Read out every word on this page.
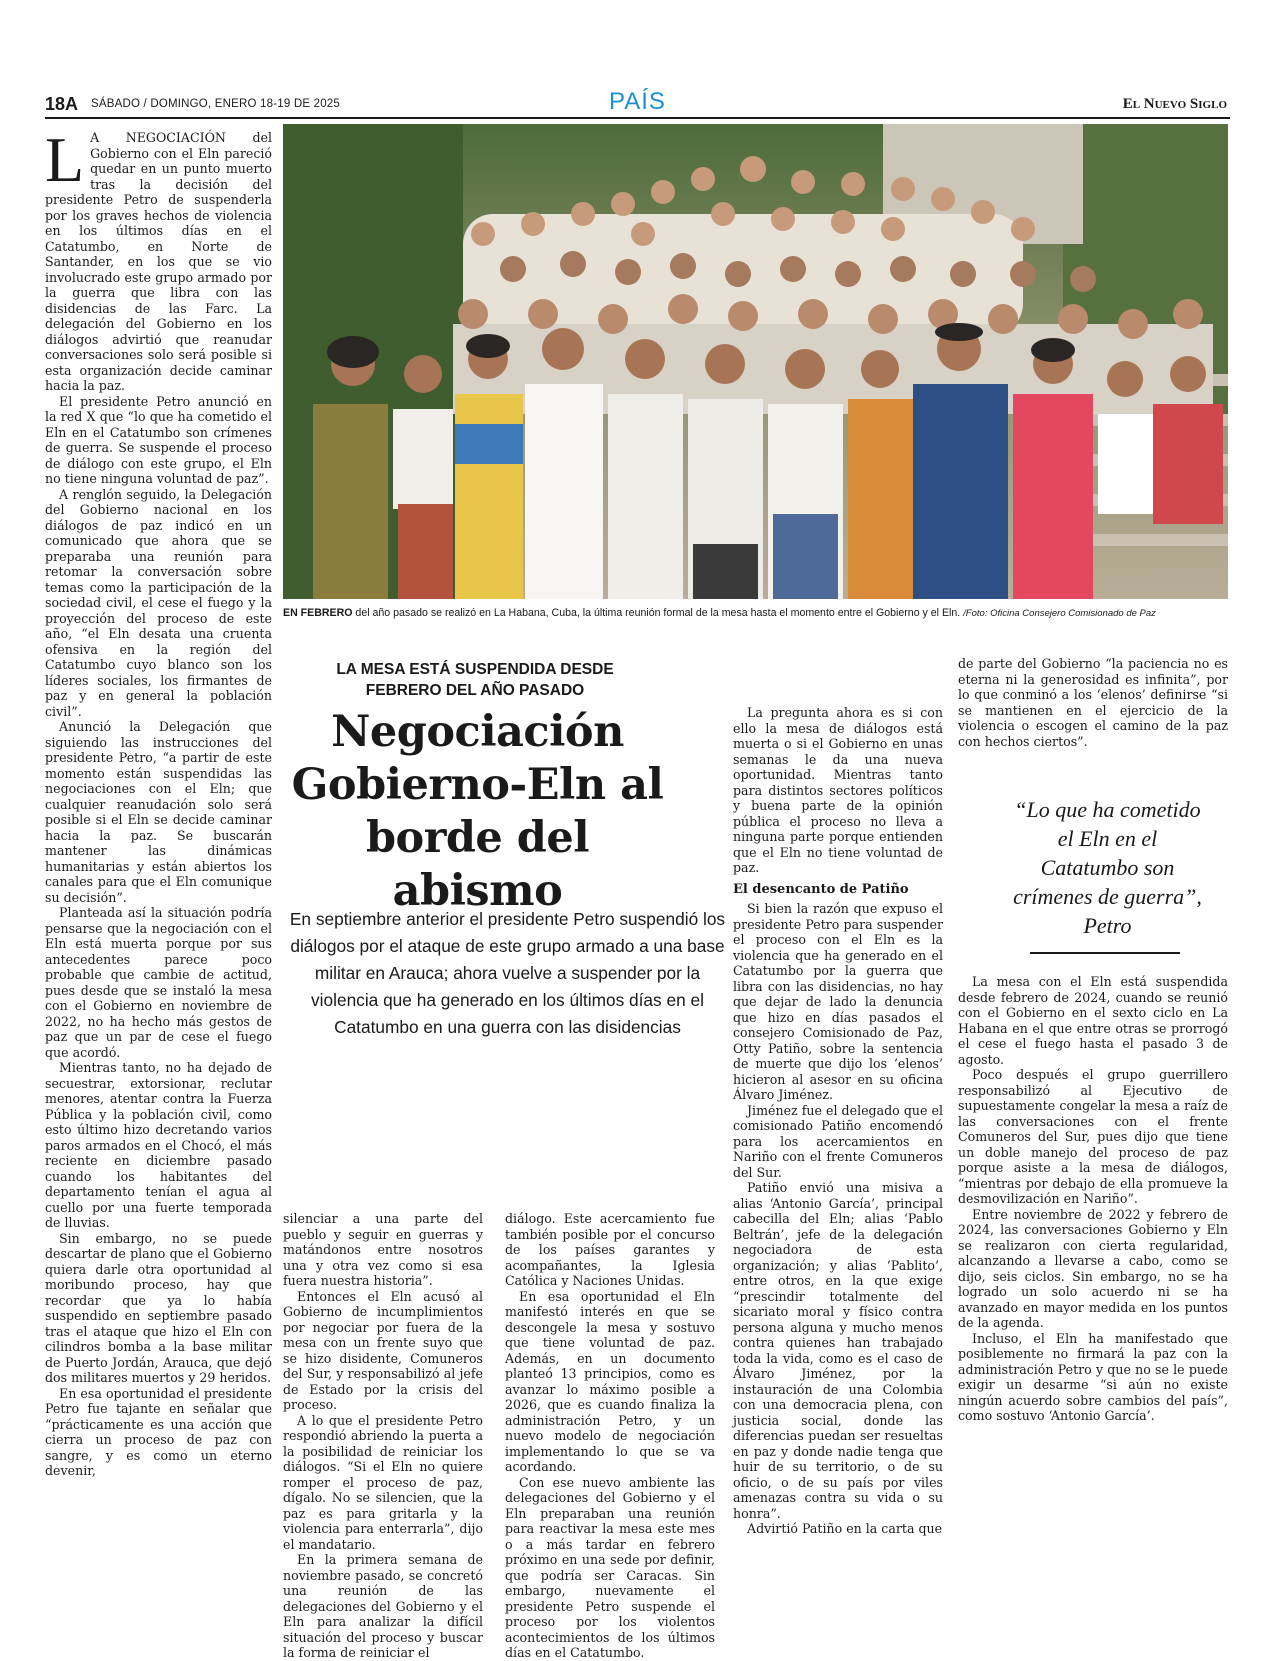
18A SÁBADO / DOMINGO, ENERO 18-19 DE 2025	PAÍS	El Nuevo Siglo

L A NEGOCIACIÓN del Gobierno con el Eln pareció quedar en un punto muerto tras la decisión del presidente Petro de suspenderla por los graves hechos de violencia en los últimos días en el Catatumbo, en Norte de Santander, en los que se vio involucrado este grupo armado por la guerra que libra con las disidencias de las Farc. La delegación del Gobierno en los diálogos advirtió que reanudar conversaciones solo será posible si esta organización decide caminar hacia la paz.

El presidente Petro anunció en la red X que “lo que ha cometido el Eln en el Catatumbo son crímenes de guerra. Se suspende el proceso de diálogo con este grupo, el Eln no tiene ninguna voluntad de paz”.

A renglón seguido, la Delegación del Gobierno nacional en los diálogos de paz indicó en un comunicado que ahora que se preparaba una reunión para retomar la conversación sobre temas como la participación de la sociedad civil, el cese el fuego y la proyección del proceso de este año, “el Eln desata una cruenta ofensiva en la región del Catatumbo cuyo blanco son los líderes sociales, los firmantes de paz y en general la población civil”.

Anunció la Delegación que siguiendo las instrucciones del presidente Petro, “a partir de este momento están suspendidas las negociaciones con el Eln; que cualquier reanudación solo será posible si el Eln se decide caminar hacia la paz. Se buscarán mantener las dinámicas humanitarias y están abiertos los canales para que el Eln comunique su decisión”.

Planteada así la situación podría pensarse que la negociación con el Eln está muerta porque por sus antecedentes parece poco probable que cambie de actitud, pues desde que se instaló la mesa con el Gobierno en noviembre de 2022, no ha hecho más gestos de paz que un par de cese el fuego que acordó.

Mientras tanto, no ha dejado de secuestrar, extorsionar, reclutar menores, atentar contra la Fuerza Pública y la población civil, como esto último hizo decretando varios paros armados en el Chocó, el más reciente en diciembre pasado cuando los habitantes del departamento tenían el agua al cuello por una fuerte temporada de lluvias.

Sin embargo, no se puede descartar de plano que el Gobierno quiera darle otra oportunidad al moribundo proceso, hay que recordar que ya lo había suspendido en septiembre pasado tras el ataque que hizo el Eln con cilindros bomba a la base militar de Puerto Jordán, Arauca, que dejó dos militares muertos y 29 heridos.

En esa oportunidad el presidente Petro fue tajante en señalar que “prácticamente es una acción que cierra un proceso de paz con sangre, y es como un eterno devenir,

EN FEBRERO del año pasado se realizó en La Habana, Cuba, la última reunión formal de la mesa hasta el momento entre el Gobierno y el Eln. /Foto: Oficina Consejero Comisionado de Paz
LA MESA ESTÁ SUSPENDIDA DESDE FEBRERO DEL AÑO PASADO
Negociación Gobierno-Eln al borde del abismo
En septiembre anterior el presidente Petro suspendió los diálogos por el ataque de este grupo armado a una base militar en Arauca; ahora vuelve a suspender por la violencia que ha generado en los últimos días en el Catatumbo en una guerra con las disidencias

silenciar a una parte del pueblo y seguir en guerras y matándonos entre nosotros una y otra vez como si esa fuera nuestra historia”.

Entonces el Eln acusó al Gobierno de incumplimientos por negociar por fuera de la mesa con un frente suyo que se hizo disidente, Comuneros del Sur, y responsabilizó al jefe de Estado por la crisis del proceso.

A lo que el presidente Petro respondió abriendo la puerta a la posibilidad de reiniciar los diálogos. “Si el Eln no quiere romper el proceso de paz, dígalo. No se silencien, que la paz es para gritarla y la violencia para enterrarla”, dijo el mandatario.

En la primera semana de noviembre pasado, se concretó una reunión de las delegaciones del Gobierno y el Eln para analizar la difícil situación del proceso y buscar la forma de reiniciar el

diálogo. Este acercamiento fue también posible por el concurso de los países garantes y acompañantes, la Iglesia Católica y Naciones Unidas.

En esa oportunidad el Eln manifestó interés en que se descongele la mesa y sostuvo que tiene voluntad de paz. Además, en un documento planteó 13 principios, como es avanzar lo máximo posible a 2026, que es cuando finaliza la administración Petro, y un nuevo modelo de negociación implementando lo que se va acordando.

Con ese nuevo ambiente las delegaciones del Gobierno y el Eln preparaban una reunión para reactivar la mesa este mes o a más tardar en febrero próximo en una sede por definir, que podría ser Caracas. Sin embargo, nuevamente el presidente Petro suspende el proceso por los violentos acontecimientos de los últimos días en el Catatumbo.

La pregunta ahora es si con ello la mesa de diálogos está muerta o si el Gobierno en unas semanas le da una nueva oportunidad. Mientras tanto para distintos sectores políticos y buena parte de la opinión pública el proceso no lleva a ninguna parte porque entienden que el Eln no tiene voluntad de paz.

El desencanto de Patiño

Si bien la razón que expuso el presidente Petro para suspender el proceso con el Eln es la violencia que ha generado en el Catatumbo por la guerra que libra con las disidencias, no hay que dejar de lado la denuncia que hizo en días pasados el consejero Comisionado de Paz, Otty Patiño, sobre la sentencia de muerte que dijo los ‘elenos’ hicieron al asesor en su oficina Álvaro Jiménez.

Jiménez fue el delegado que el comisionado Patiño encomendó para los acercamientos en Nariño con el frente Comuneros del Sur.

Patiño envió una misiva a alias ‘Antonio García’, principal cabecilla del Eln; alias ‘Pablo Beltrán’, jefe de la delegación negociadora de esta organización; y alias ‘Pablito’, entre otros, en la que exige “prescindir totalmente del sicariato moral y físico contra persona alguna y mucho menos contra quienes han trabajado toda la vida, como es el caso de Álvaro Jiménez, por la instauración de una Colombia con una democracia plena, con justicia social, donde las diferencias puedan ser resueltas en paz y donde nadie tenga que huir de su territorio, o de su oficio, o de su país por viles amenazas contra su vida o su honra”.

Advirtió Patiño en la carta que

de parte del Gobierno “la paciencia no es eterna ni la generosidad es infinita”, por lo que conminó a los ‘elenos’ definirse “si se mantienen en el ejercicio de la violencia o escogen el camino de la paz con hechos ciertos”.

“Lo que ha cometido el Eln en el Catatumbo son crímenes de guerra”, Petro

La mesa con el Eln está suspendida desde febrero de 2024, cuando se reunió con el Gobierno en el sexto ciclo en La Habana en el que entre otras se prorrogó el cese el fuego hasta el pasado 3 de agosto.

Poco después el grupo guerrillero responsabilizó al Ejecutivo de supuestamente congelar la mesa a raíz de las conversaciones con el frente Comuneros del Sur, pues dijo que tiene un doble manejo del proceso de paz porque asiste a la mesa de diálogos, “mientras por debajo de ella promueve la desmovilización en Nariño”.

Entre noviembre de 2022 y febrero de 2024, las conversaciones Gobierno y Eln se realizaron con cierta regularidad, alcanzando a llevarse a cabo, como se dijo, seis ciclos. Sin embargo, no se ha logrado un solo acuerdo ni se ha avanzado en mayor medida en los puntos de la agenda.

Incluso, el Eln ha manifestado que posiblemente no firmará la paz con la administración Petro y que no se le puede exigir un desarme “si aún no existe ningún acuerdo sobre cambios del país”, como sostuvo ‘Antonio García’.
